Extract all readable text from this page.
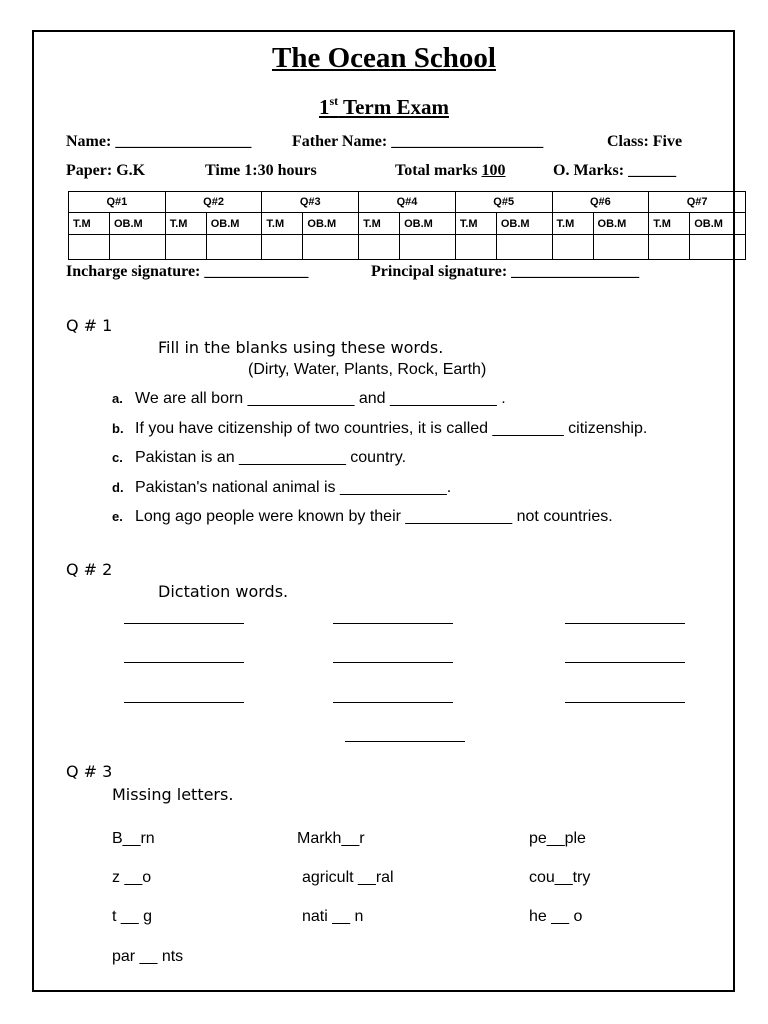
The Ocean School
1st Term Exam
Name: _________________	Father Name: ___________________	Class: Five
Paper: G.K	Time 1:30 hours	Total marks 100	O. Marks: ______
Q#1		Q#2		Q#3		Q#4		Q#5		Q#6		Q#7	
T.M	OB.M	T.M	OB.M	T.M	OB.M	T.M	OB.M	T.M	OB.M	T.M	OB.M	T.M	OB.M

Incharge signature: _____________	Principal signature: ________________
Q # 1
Fill in the blanks using these words.
(Dirty, Water, Plants, Rock, Earth)
a. We are all born ____________ and ____________ .
b. If you have citizenship of two countries, it is called ________ citizenship.
c. Pakistan is an ____________ country.
d. Pakistan's national animal is ____________.
e. Long ago people were known by their ____________ not countries.
Q # 2
Dictation words.
Q # 3
Missing letters.
B__rn	Markh__r	pe__ple
z __o	agricult __ral	cou__try
t __ g	nati __ n	he __ o
par __ nts
